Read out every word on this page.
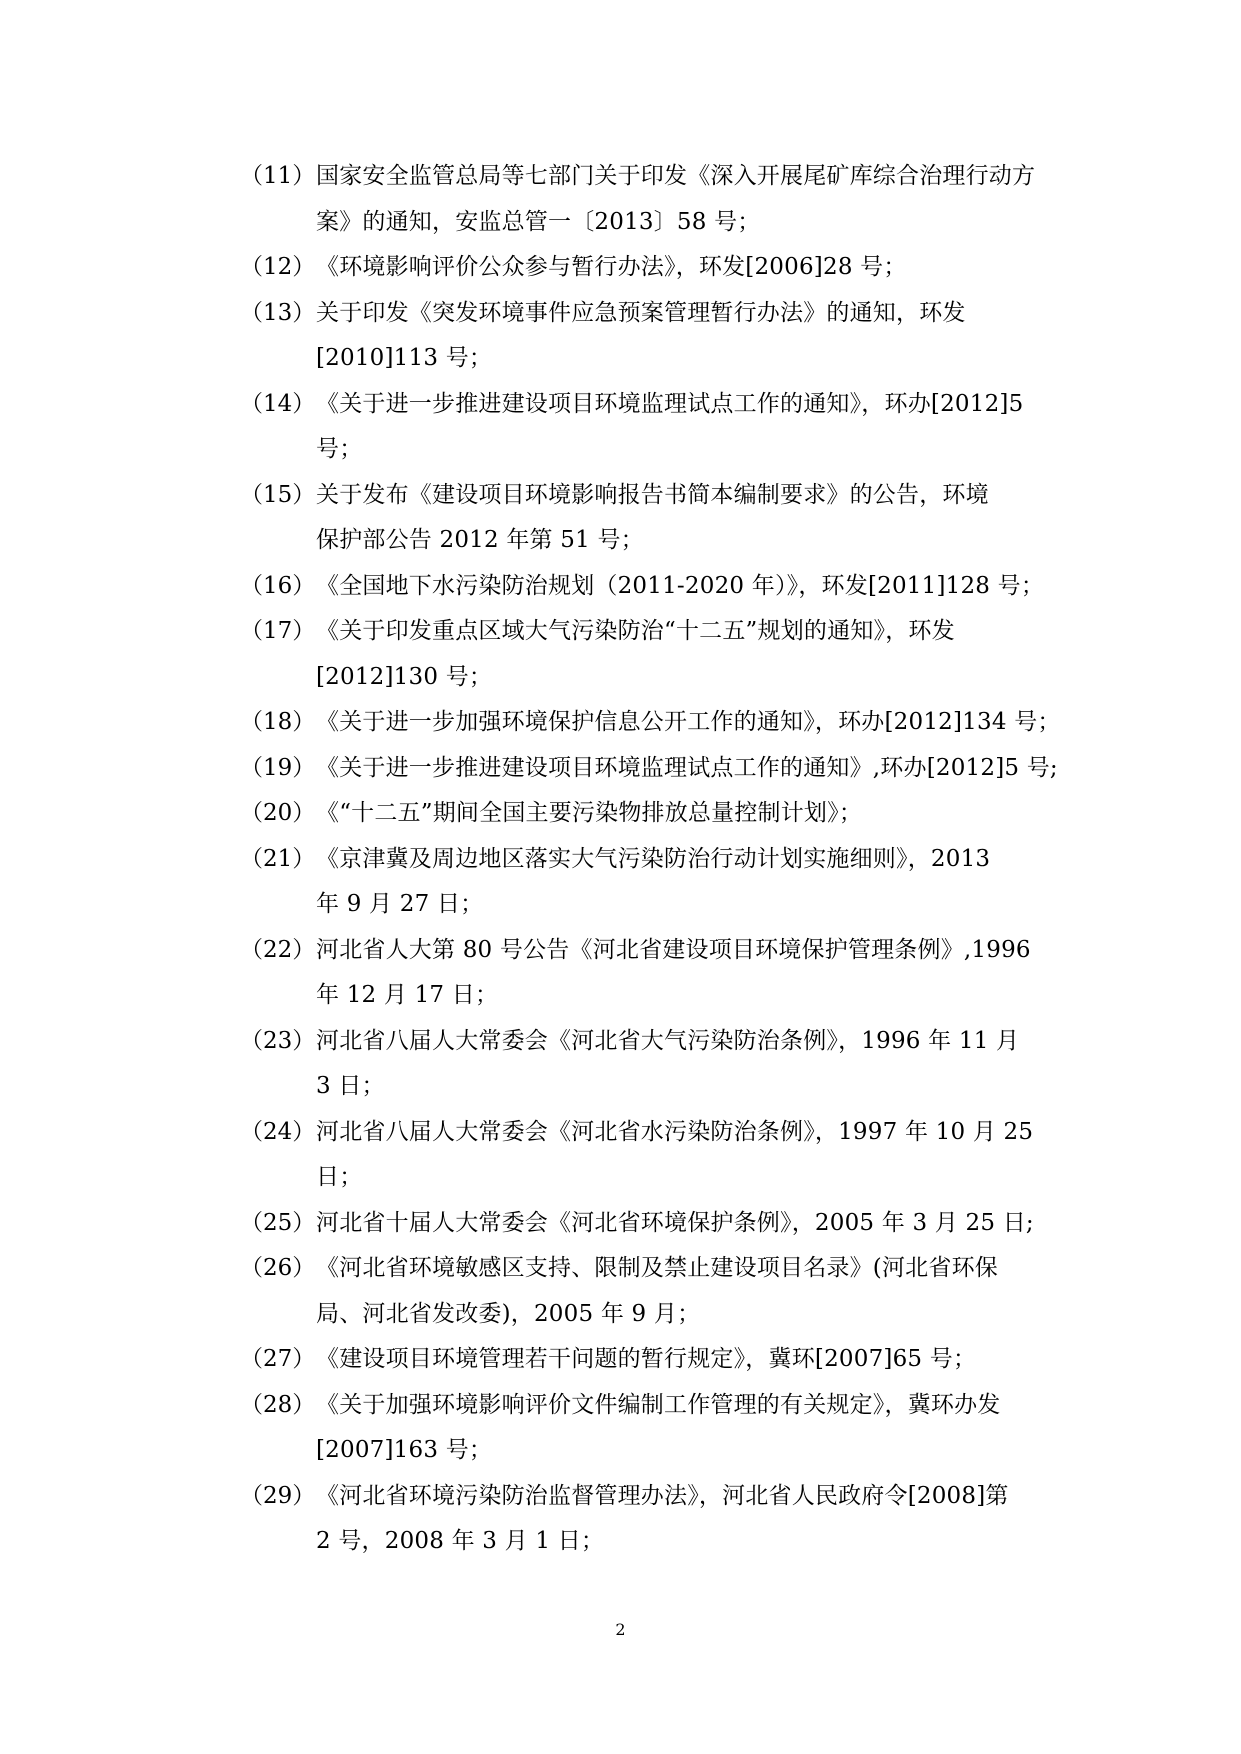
（11） 国家安全监管总局等七部门关于印发《深入开展尾矿库综合治理行动方
案》的通知，安监总管一〔2013〕58 号；
（12） 《环境影响评价公众参与暂行办法》，环发[2006]28 号；
（13） 关于印发《突发环境事件应急预案管理暂行办法》的通知，环发
[2010]113 号；
（14） 《关于进一步推进建设项目环境监理试点工作的通知》，环办[2012]5
号；
（15） 关于发布《建设项目环境影响报告书简本编制要求》的公告，环境
保护部公告 2012 年第 51 号；
（16） 《全国地下水污染防治规划（2011-2020 年）》，环发[2011]128 号；
（17） 《关于印发重点区域大气污染防治“十二五”规划的通知》，环发
[2012]130 号；
（18） 《关于进一步加强环境保护信息公开工作的通知》，环办[2012]134 号；
（19） 《关于进一步推进建设项目环境监理试点工作的通知》,环办[2012]5 号;
（20） 《“十二五”期间全国主要污染物排放总量控制计划》；
（21） 《京津冀及周边地区落实大气污染防治行动计划实施细则》，2013
年 9 月 27 日；
（22） 河北省人大第 80 号公告《河北省建设项目环境保护管理条例》,1996
年 12 月 17 日；
（23） 河北省八届人大常委会《河北省大气污染防治条例》，1996 年 11 月
3 日；
（24） 河北省八届人大常委会《河北省水污染防治条例》，1997 年 10 月 25
日；
（25） 河北省十届人大常委会《河北省环境保护条例》，2005 年 3 月 25 日;
（26） 《河北省环境敏感区支持、限制及禁止建设项目名录》(河北省环保
局、河北省发改委)，2005 年 9 月；
（27） 《建设项目环境管理若干问题的暂行规定》，冀环[2007]65 号；
（28） 《关于加强环境影响评价文件编制工作管理的有关规定》，冀环办发
[2007]163 号；
（29） 《河北省环境污染防治监督管理办法》，河北省人民政府令[2008]第
2 号，2008 年 3 月 1 日；
2
